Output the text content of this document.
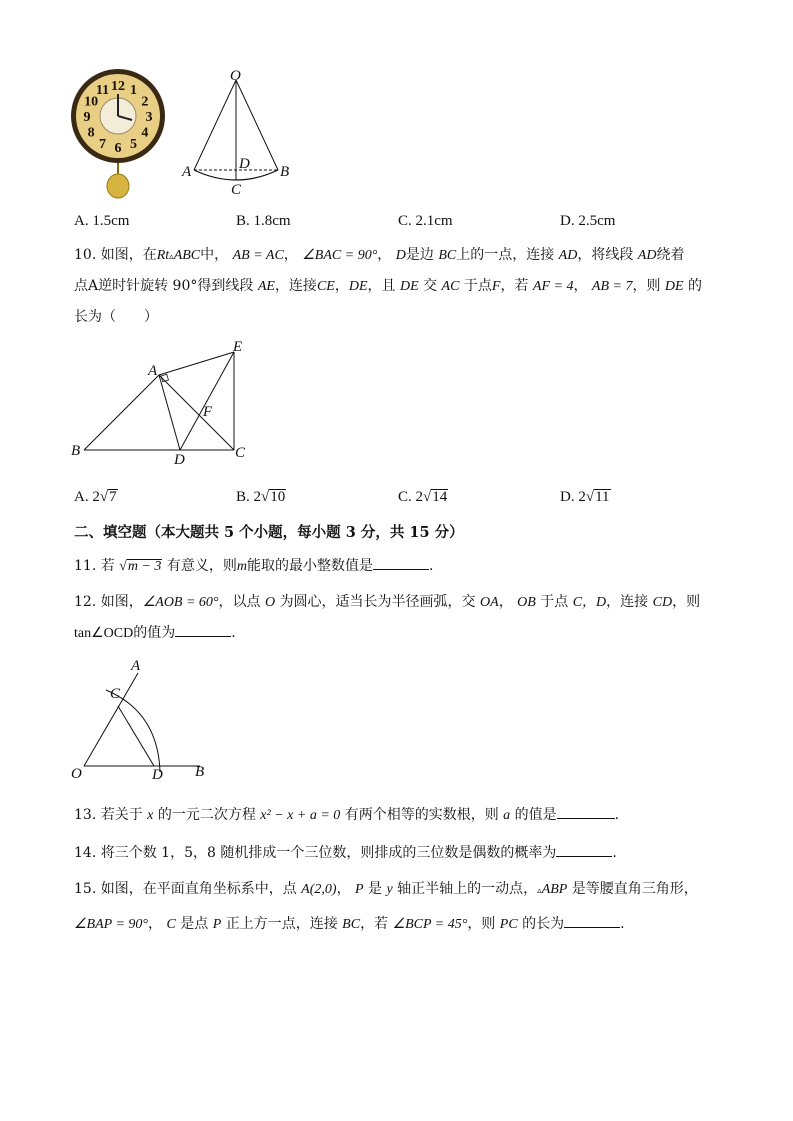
12 1
2
3
4
5
6
7
8
9
10
11
O
A	B
C
D
A. 1.5cm	B. 1.8cm	C. 2.1cm	D. 2.5cm
10. 如图，在Rt▵ABC中， AB = AC， ∠BAC = 90°， D是边 BC上的一点，连接 AD，将线段 AD绕着
点A逆时针旋转 90°得到线段 AE，连接CE，DE，且 DE 交 AC 于点F，若 AF = 4， AB = 7，则 DE 的
长为（　　）
A
B	C
D
E
F
A. 2√7	B. 2√10	C. 2√14	D. 2√11
二、填空题（本大题共 5 个小题，每小题 3 分，共 15 分）
11. 若 √m − 3 有意义，则m能取的最小整数值是	.
12. 如图，∠AOB = 60°，以点 O 为圆心，适当长为半径画弧，交 OA， OB 于点 C，D，连接 CD，则
tan∠OCD的值为	.
A
B
C
D
O
13. 若关于 x 的一元二次方程 x² − x + a = 0 有两个相等的实数根，则 a 的值是	.
14. 将三个数 1，5，8 随机排成一个三位数，则排成的三位数是偶数的概率为	.
15. 如图，在平面直角坐标系中，点 A(2,0)， P 是 y 轴正半轴上的一动点，▵ABP 是等腰直角三角形，
∠BAP = 90°， C 是点 P 正上方一点，连接 BC，若 ∠BCP = 45°，则 PC 的长为	.
